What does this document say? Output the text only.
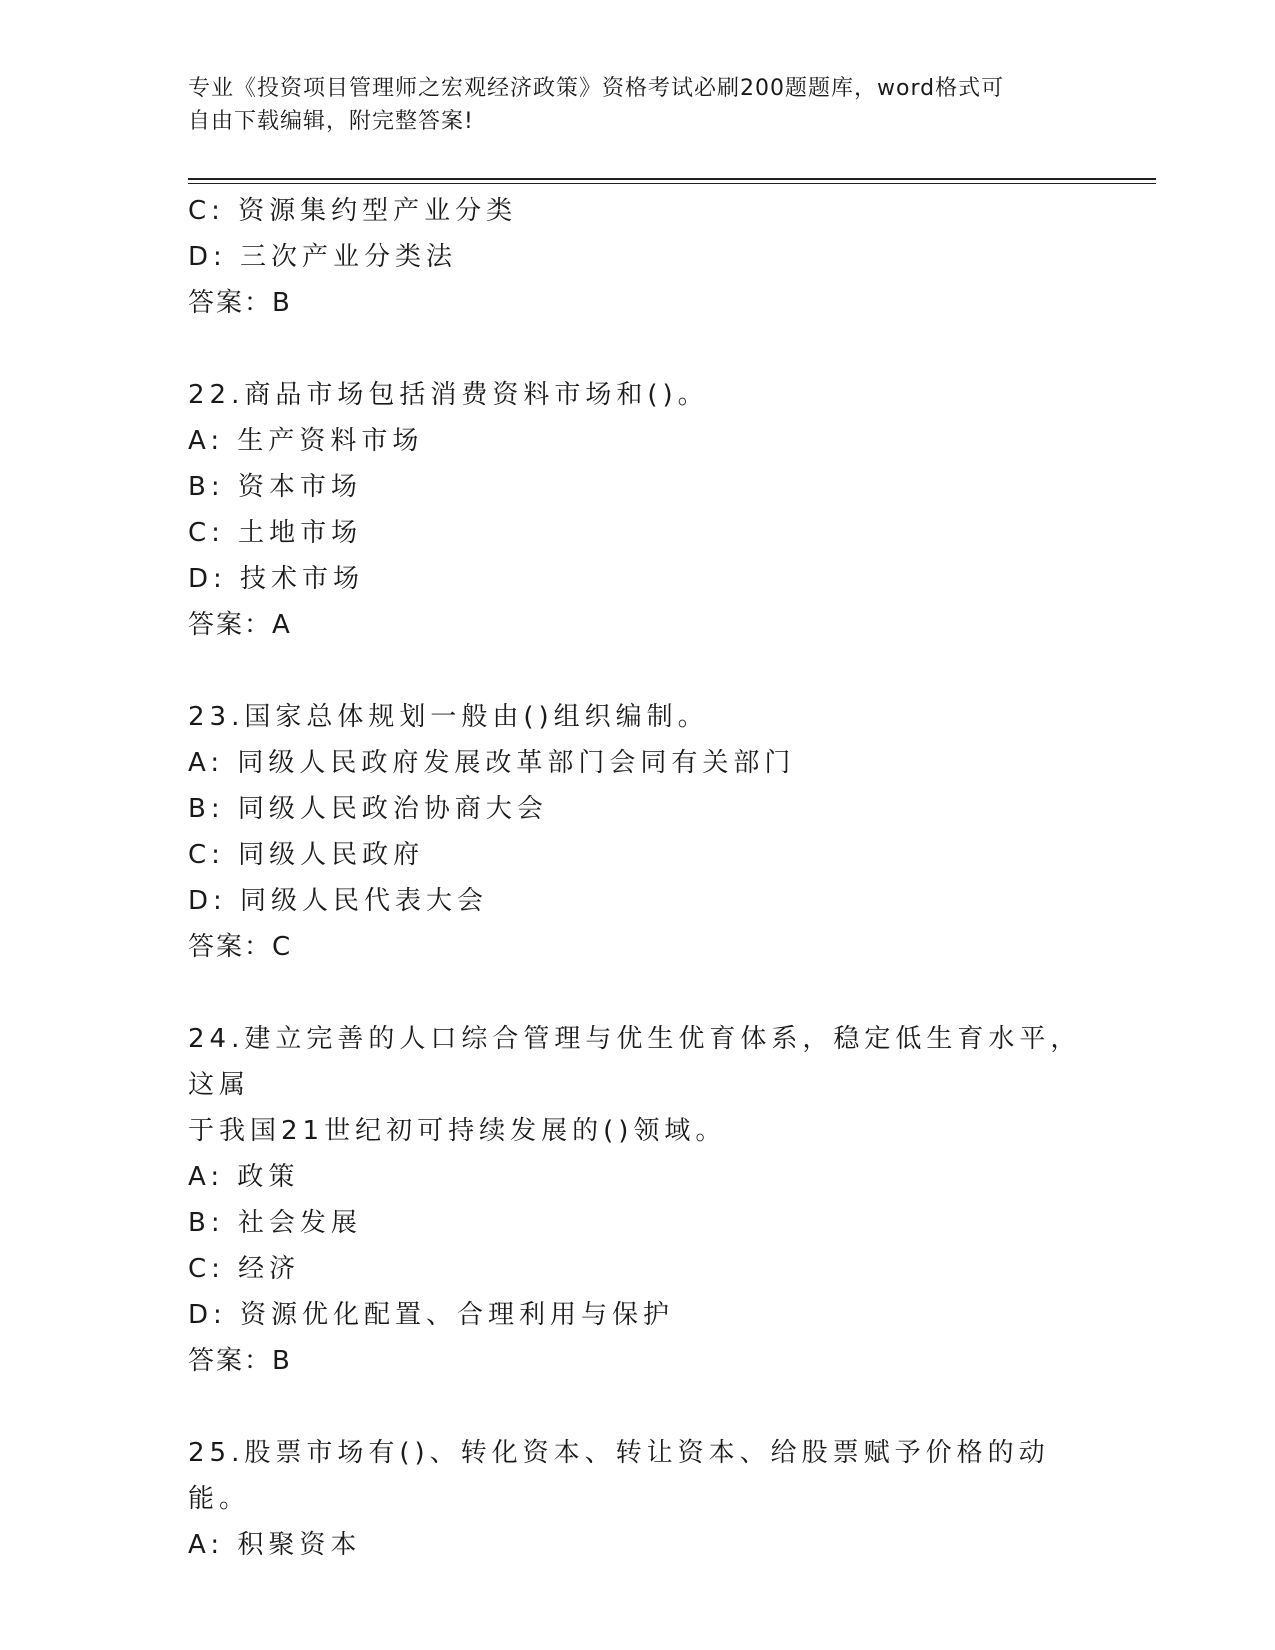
专业《投资项目管理师之宏观经济政策》资格考试必刷200题题库，word格式可
自由下载编辑，附完整答案!
C: 资源集约型产业分类
D: 三次产业分类法
答案：B
22.商品市场包括消费资料市场和()。
A: 生产资料市场
B: 资本市场
C: 土地市场
D: 技术市场
答案：A
23.国家总体规划一般由()组织编制。
A: 同级人民政府发展改革部门会同有关部门
B: 同级人民政治协商大会
C: 同级人民政府
D: 同级人民代表大会
答案：C
24.建立完善的人口综合管理与优生优育体系，稳定低生育水平，这属
于我国21世纪初可持续发展的()领域。
A: 政策
B: 社会发展
C: 经济
D: 资源优化配置、合理利用与保护
答案：B
25.股票市场有()、转化资本、转让资本、给股票赋予价格的动能。
A: 积聚资本
